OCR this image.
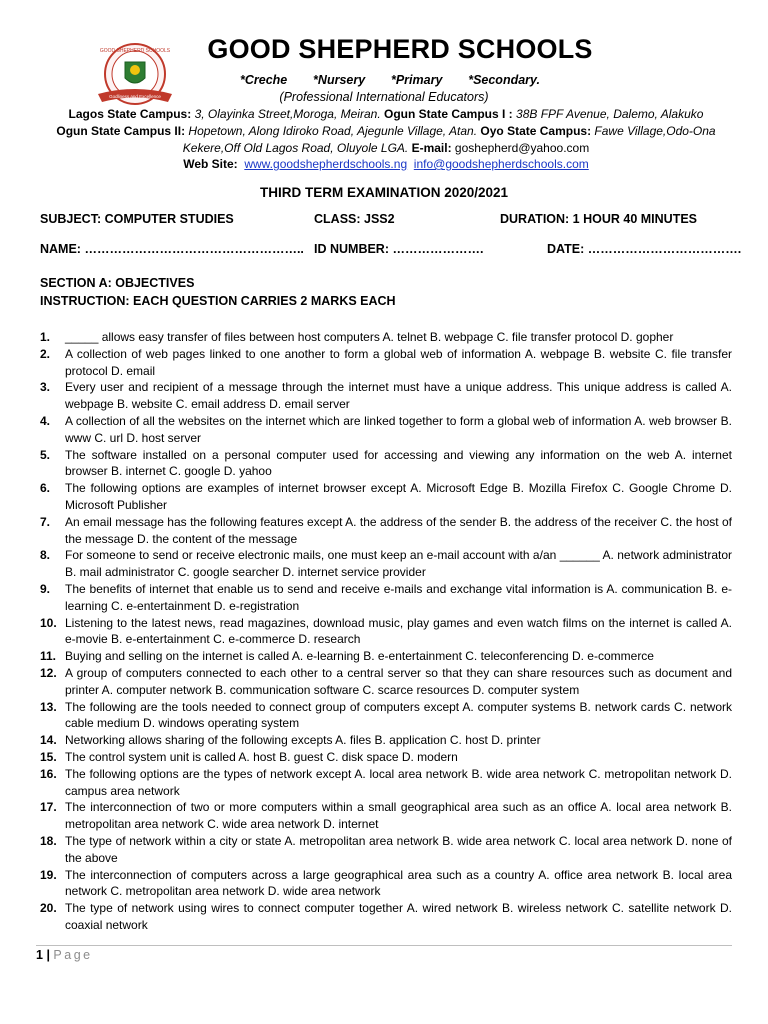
GOOD SHEPHERD SCHOOLS
Godliness and Excellence
GOOD SHEPHERD SCHOOLS
*Creche *Nursery *Primary *Secondary.
(Professional International Educators)
Lagos State Campus: 3, Olayinka Street,Moroga, Meiran. Ogun State Campus I : 38B FPF Avenue, Dalemo, Alakuko
Ogun State Campus II: Hopetown, Along Idiroko Road, Ajegunle Village, Atan. Oyo State Campus: Fawe Village,Odo-Ona Kekere,Off Old Lagos Road, Oluyole LGA. E-mail: goshepherd@yahoo.com
Web Site: www.goodshepherdschools.ng info@goodshepherdschools.com
THIRD TERM EXAMINATION 2020/2021
SUBJECT: COMPUTER STUDIES	CLASS: JSS2	DURATION: 1 HOUR 40 MINUTES
NAME: …………………………………………….. ID NUMBER: ………………….	DATE: ……………………………….
SECTION A: OBJECTIVES
INSTRUCTION: EACH QUESTION CARRIES 2 MARKS EACH
1. _____ allows easy transfer of files between host computers A. telnet B. webpage C. file transfer protocol D. gopher
2. A collection of web pages linked to one another to form a global web of information A. webpage B. website C. file transfer protocol D. email
3. Every user and recipient of a message through the internet must have a unique address. This unique address is called A. webpage B. website C. email address D. email server
4. A collection of all the websites on the internet which are linked together to form a global web of information A. web browser B. www C. url D. host server
5. The software installed on a personal computer used for accessing and viewing any information on the web A. internet browser B. internet C. google D. yahoo
6. The following options are examples of internet browser except A. Microsoft Edge B. Mozilla Firefox C. Google Chrome D. Microsoft Publisher
7. An email message has the following features except A. the address of the sender B. the address of the receiver C. the host of the message D. the content of the message
8. For someone to send or receive electronic mails, one must keep an e-mail account with a/an ______ A. network administrator B. mail administrator C. google searcher D. internet service provider
9. The benefits of internet that enable us to send and receive e-mails and exchange vital information is A. communication B. e-learning C. e-entertainment D. e-registration
10. Listening to the latest news, read magazines, download music, play games and even watch films on the internet is called A. e-movie B. e-entertainment C. e-commerce D. research
11. Buying and selling on the internet is called A. e-learning B. e-entertainment C. teleconferencing D. e-commerce
12. A group of computers connected to each other to a central server so that they can share resources such as document and printer A. computer network B. communication software C. scarce resources D. computer system
13. The following are the tools needed to connect group of computers except A. computer systems B. network cards C. network cable medium D. windows operating system
14. Networking allows sharing of the following excepts A. files B. application C. host D. printer
15. The control system unit is called A. host B. guest C. disk space D. modern
16. The following options are the types of network except A. local area network B. wide area network C. metropolitan network D. campus area network
17. The interconnection of two or more computers within a small geographical area such as an office A. local area network B. metropolitan area network C. wide area network D. internet
18. The type of network within a city or state A. metropolitan area network B. wide area network C. local area network D. none of the above
19. The interconnection of computers across a large geographical area such as a country A. office area network B. local area network C. metropolitan area network D. wide area network
20. The type of network using wires to connect computer together A. wired network B. wireless network C. satellite network D. coaxial network
1 | Page
